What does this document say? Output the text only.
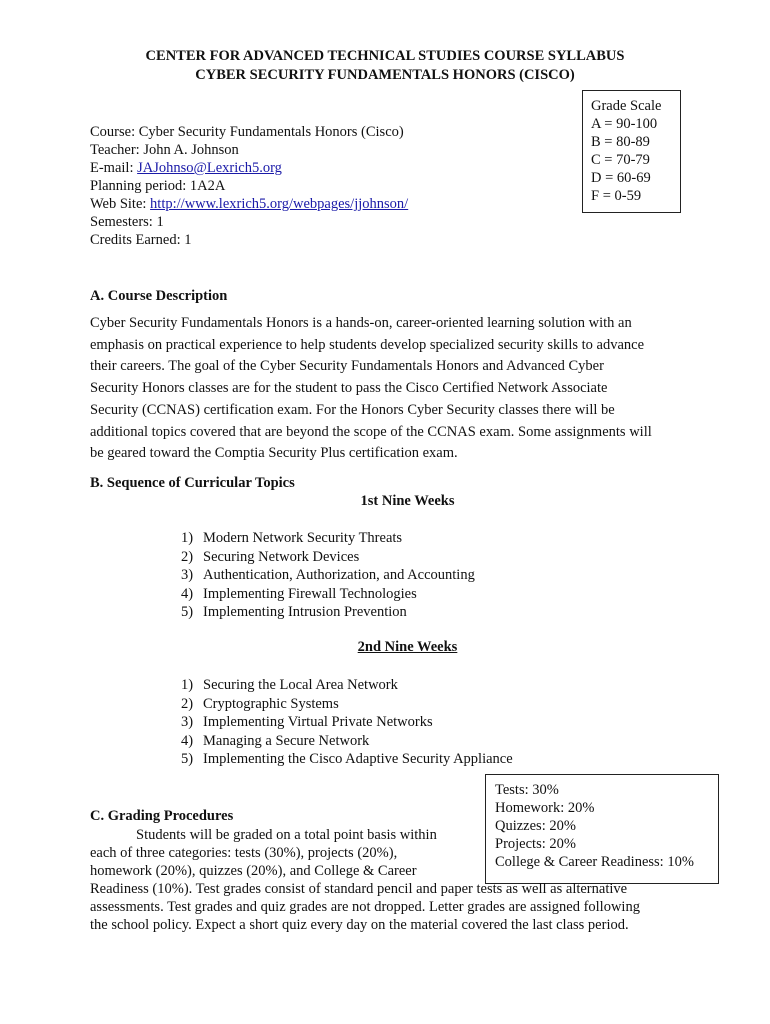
CENTER FOR ADVANCED TECHNICAL STUDIES COURSE SYLLABUS
CYBER SECURITY FUNDAMENTALS HONORS (CISCO)
Course: Cyber Security Fundamentals Honors (Cisco)
Teacher: John A. Johnson
E-mail: JAJohnso@Lexrich5.org
Planning period: 1A2A
Web Site: http://www.lexrich5.org/webpages/jjohnson/
Semesters: 1
Credits Earned: 1
Grade Scale
A = 90-100
B = 80-89
C = 70-79
D = 60-69
F = 0-59
A. Course Description
Cyber Security Fundamentals Honors is a hands-on, career-oriented learning solution with an
emphasis on practical experience to help students develop specialized security skills to advance
their careers. The goal of the Cyber Security Fundamentals Honors and Advanced Cyber
Security Honors classes are for the student to pass the Cisco Certified Network Associate
Security (CCNAS) certification exam. For the Honors Cyber Security classes there will be
additional topics covered that are beyond the scope of the CCNAS exam. Some assignments will
be geared toward the Comptia Security Plus certification exam.
B. Sequence of Curricular Topics
1st Nine Weeks
1) Modern Network Security Threats
2) Securing Network Devices
3) Authentication, Authorization, and Accounting
4) Implementing Firewall Technologies
5) Implementing Intrusion Prevention
2nd Nine Weeks
1) Securing the Local Area Network
2) Cryptographic Systems
3) Implementing Virtual Private Networks
4) Managing a Secure Network
5) Implementing the Cisco Adaptive Security Appliance
Tests: 30%
Homework: 20%
Quizzes: 20%
Projects: 20%
College & Career Readiness: 10%
C. Grading Procedures
Students will be graded on a total point basis within
each of three categories: tests (30%), projects (20%),
homework (20%), quizzes (20%), and College & Career
Readiness (10%). Test grades consist of standard pencil and paper tests as well as alternative
assessments. Test grades and quiz grades are not dropped. Letter grades are assigned following
the school policy. Expect a short quiz every day on the material covered the last class period.
